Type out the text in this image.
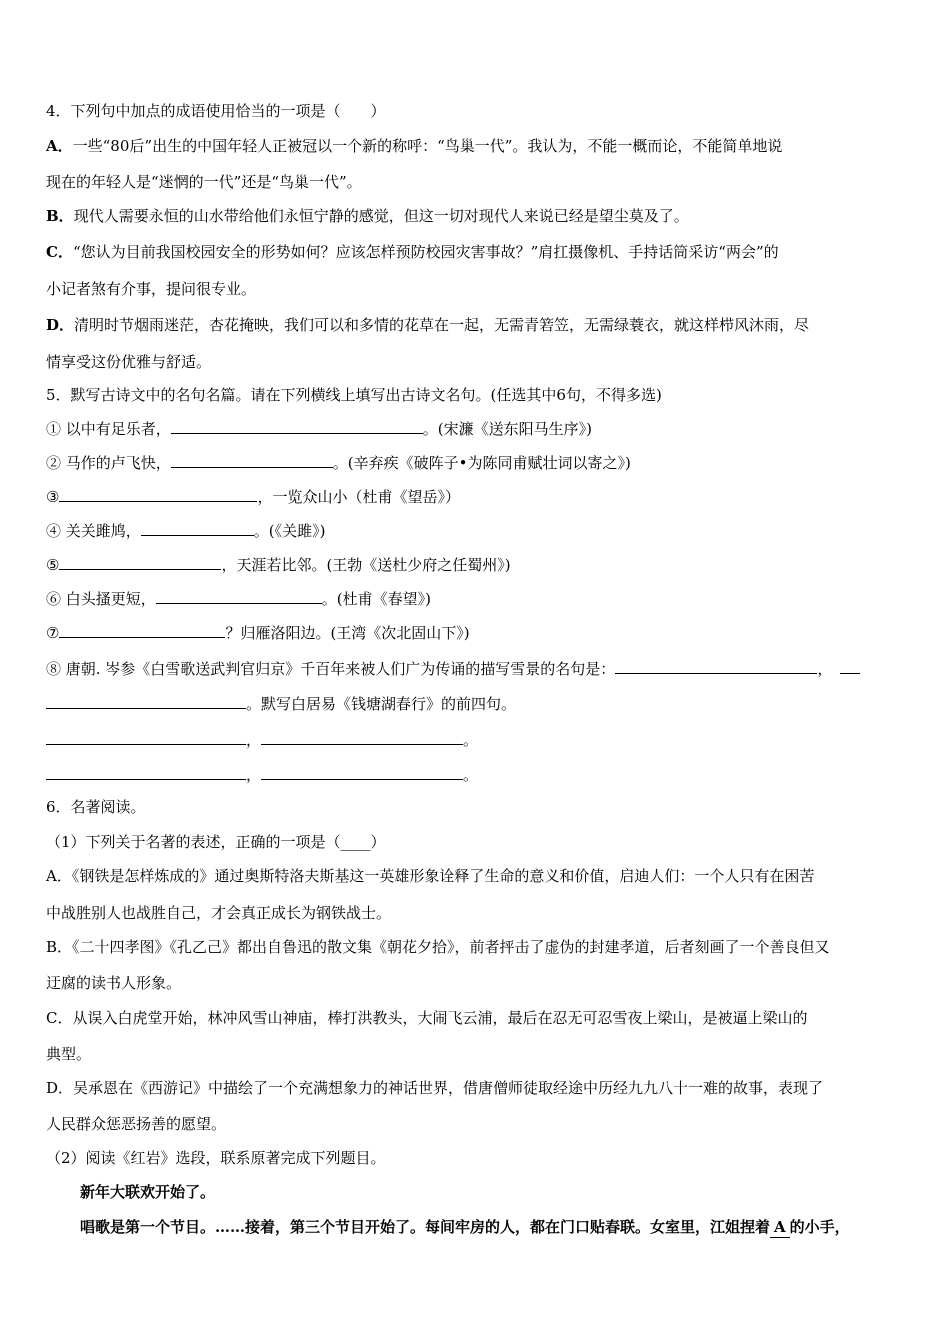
4．下列句中加点的成语使用恰当的一项是（　　）
A．一些“80后”出生的中国年轻人正被冠以一个新的称呼：“鸟巢一代”。我认为，不能一概而论，不能简单地说
现在的年轻人是“迷惘的一代”还是“鸟巢一代”。
B．现代人需要永恒的山水带给他们永恒宁静的感觉，但这一切对现代人来说已经是望尘莫及了。
C．“您认为目前我国校园安全的形势如何？应该怎样预防校园灾害事故？”肩扛摄像机、手持话筒采访“两会”的
小记者煞有介事，提问很专业。
D．清明时节烟雨迷茫，杏花掩映，我们可以和多情的花草在一起，无需青箬笠，无需绿蓑衣，就这样栉风沐雨，尽
情享受这份优雅与舒适。
5．默写古诗文中的名句名篇。请在下列横线上填写出古诗文名句。(任选其中6句，不得多选)
① 以中有足乐者，	。(宋濂《送东阳马生序》)
② 马作的卢飞快，	。(辛弃疾《破阵子•为陈同甫赋壮词以寄之》)
③	，一览众山小（杜甫《望岳》）
④ 关关雎鸠，	。(《关雎》)
⑤	，天涯若比邻。(王勃《送杜少府之任蜀州》)
⑥ 白头搔更短，	。(杜甫《春望》)
⑦	？归雁洛阳边。(王湾《次北固山下》)
⑧ 唐朝. 岑参《白雪歌送武判官归京》千百年来被人们广为传诵的描写雪景的名句是：	，
。默写白居易《钱塘湖春行》的前四句。
，	。
，	。
6．名著阅读。
（1）下列关于名著的表述，正确的一项是（____）
A．《钢铁是怎样炼成的》通过奥斯特洛夫斯基这一英雄形象诠释了生命的意义和价值，启迪人们：一个人只有在困苦
中战胜别人也战胜自己，才会真正成长为钢铁战士。
B．《二十四孝图》《孔乙己》都出自鲁迅的散文集《朝花夕拾》，前者抨击了虚伪的封建孝道，后者刻画了一个善良但又
迂腐的读书人形象。
C．从误入白虎堂开始，林冲风雪山神庙，棒打洪教头，大闹飞云浦，最后在忍无可忍雪夜上梁山，是被逼上梁山的
典型。
D．吴承恩在《西游记》中描绘了一个充满想象力的神话世界，借唐僧师徒取经途中历经九九八十一难的故事，表现了
人民群众惩恶扬善的愿望。
（2）阅读《红岩》选段，联系原著完成下列题目。
新年大联欢开始了。
唱歌是第一个节目。……接着，第三个节目开始了。每间牢房的人，都在门口贴春联。女室里，江姐捏着 A 的小手，
